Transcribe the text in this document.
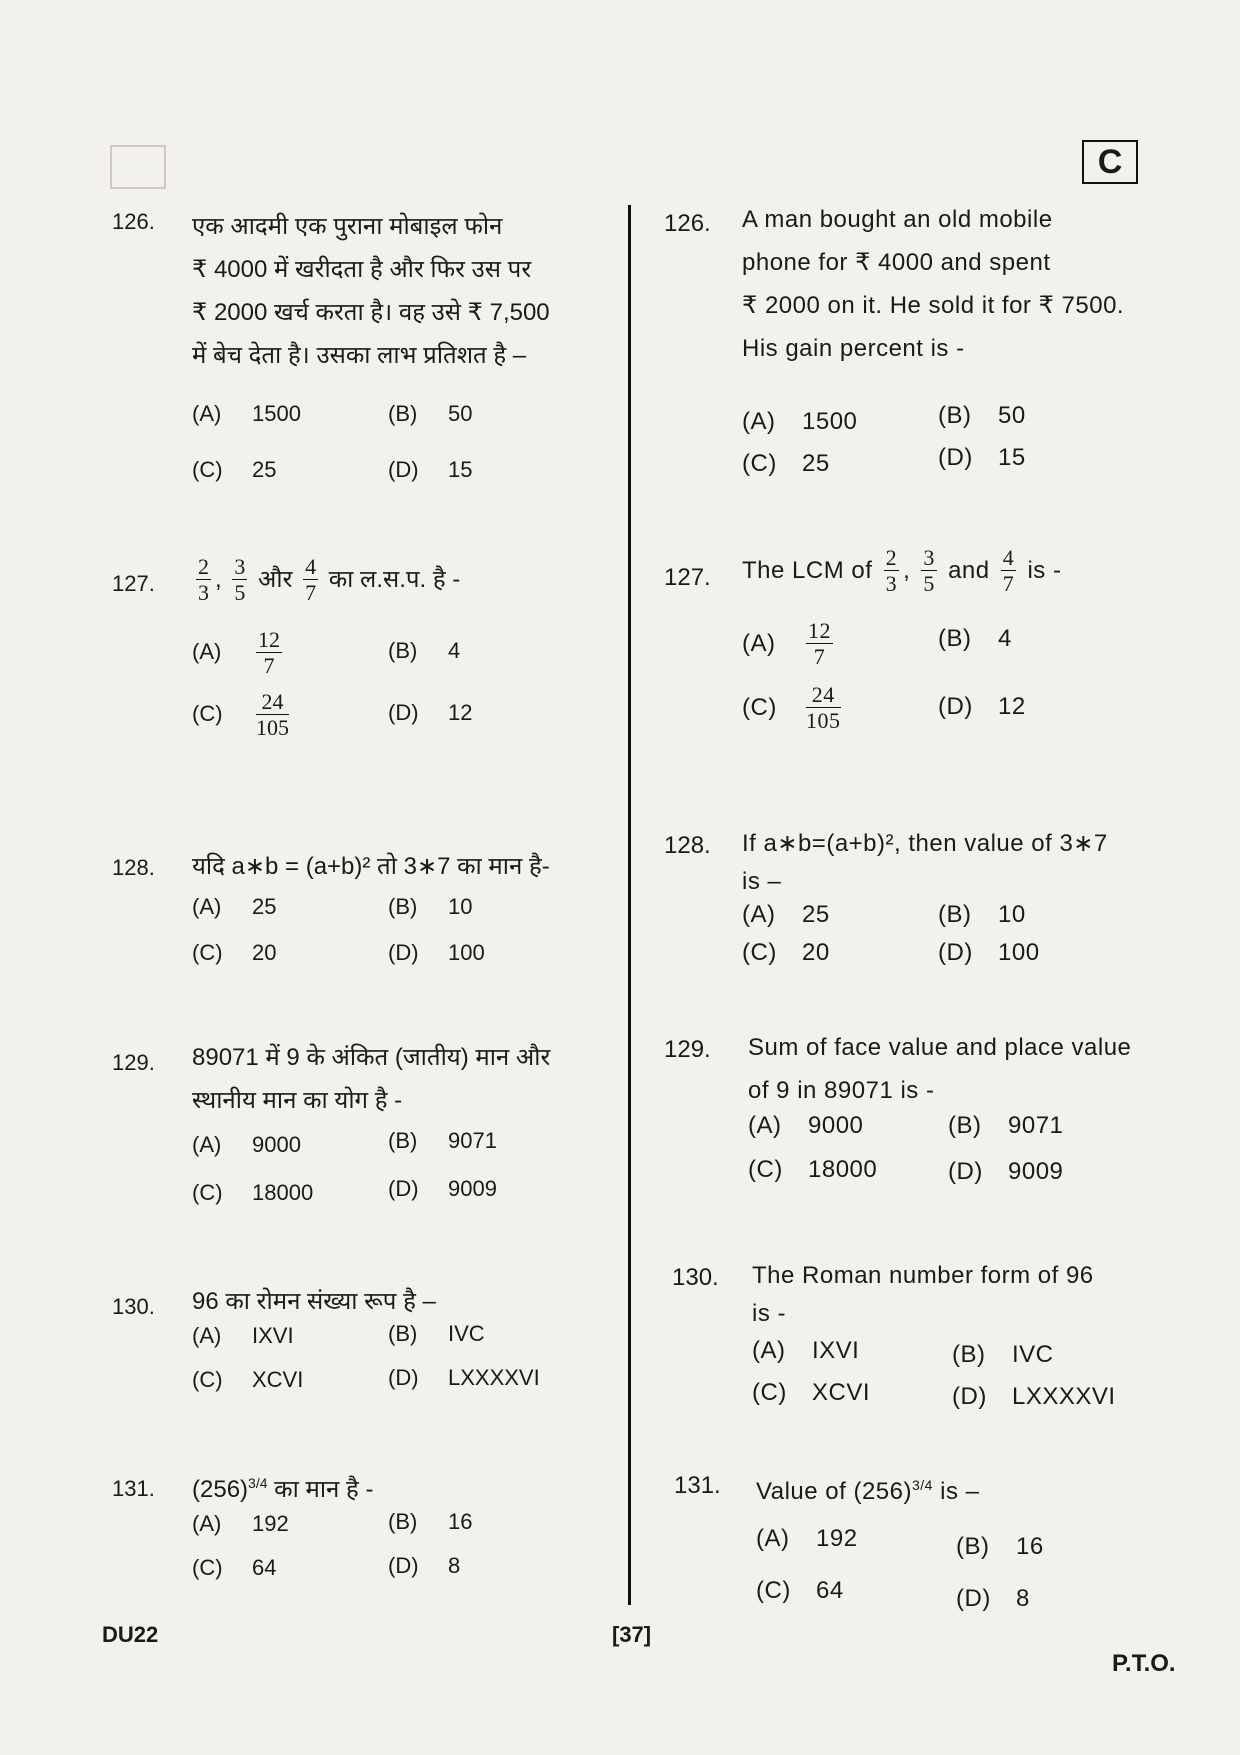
C
126. एक आदमी एक पुराना मोबाइल फोन
₹ 4000 में खरीदता है और फिर उस पर
₹ 2000 खर्च करता है। वह उसे ₹ 7,500
में बेच देता है। उसका लाभ प्रतिशत है –
(A) 1500	(B) 50
(C) 25	(D) 15
127. $\frac{2}{3}$ , $\frac{3}{5}$ और $\frac{4}{7}$ का ल.स.प. है -
$(A) \frac{12}{7}$	(B) 4
$(C) \frac{24}{105}$	(D) 12
128. यदि a∗b = (a+b)² तो 3∗7 का मान है-
(A) 25	(B) 10
(C) 20	(D) 100
129. 89071 में 9 के अंकित (जातीय) मान और
स्थानीय मान का योग है -
(A) 9000	(B) 9071
(C) 18000	(D) 9009
130. 96 का रोमन संख्या रूप है –
(A) IXVI	(B) IVC
(C) XCVI	(D) LXXXXVI
131. $(256)^{3/4}$ का मान है -
(A) 192	(B) 16
(C) 64	(D) 8
126. A man bought an old mobile
phone for ₹ 4000 and spent
₹ 2000 on it. He sold it for ₹ 7500.
His gain percent is -
(A) 1500	(B) 50
(C) 25	(D) 15
127. The LCM of $\frac{2}{3}$ , $\frac{3}{5}$ and $\frac{4}{7}$ is -
$(A) \frac{12}{7}$	(B) 4
$(C) \frac{24}{105}$	(D) 12
128. If a∗b=(a+b)², then value of 3∗7
is –
(A) 25	(B) 10
(C) 20	(D) 100
129. Sum of face value and place value
of 9 in 89071 is -
(A) 9000	(B) 9071
(C) 18000	(D) 9009
130. The Roman number form of 96
is -
(A) IXVI	(B) IVC
(C) XCVI	(D) LXXXXVI
131. Value of $(256)^{3/4}$ is –
(A) 192	(B) 16
(C) 64	(D) 8
DU22	[37]
P.T.O.
